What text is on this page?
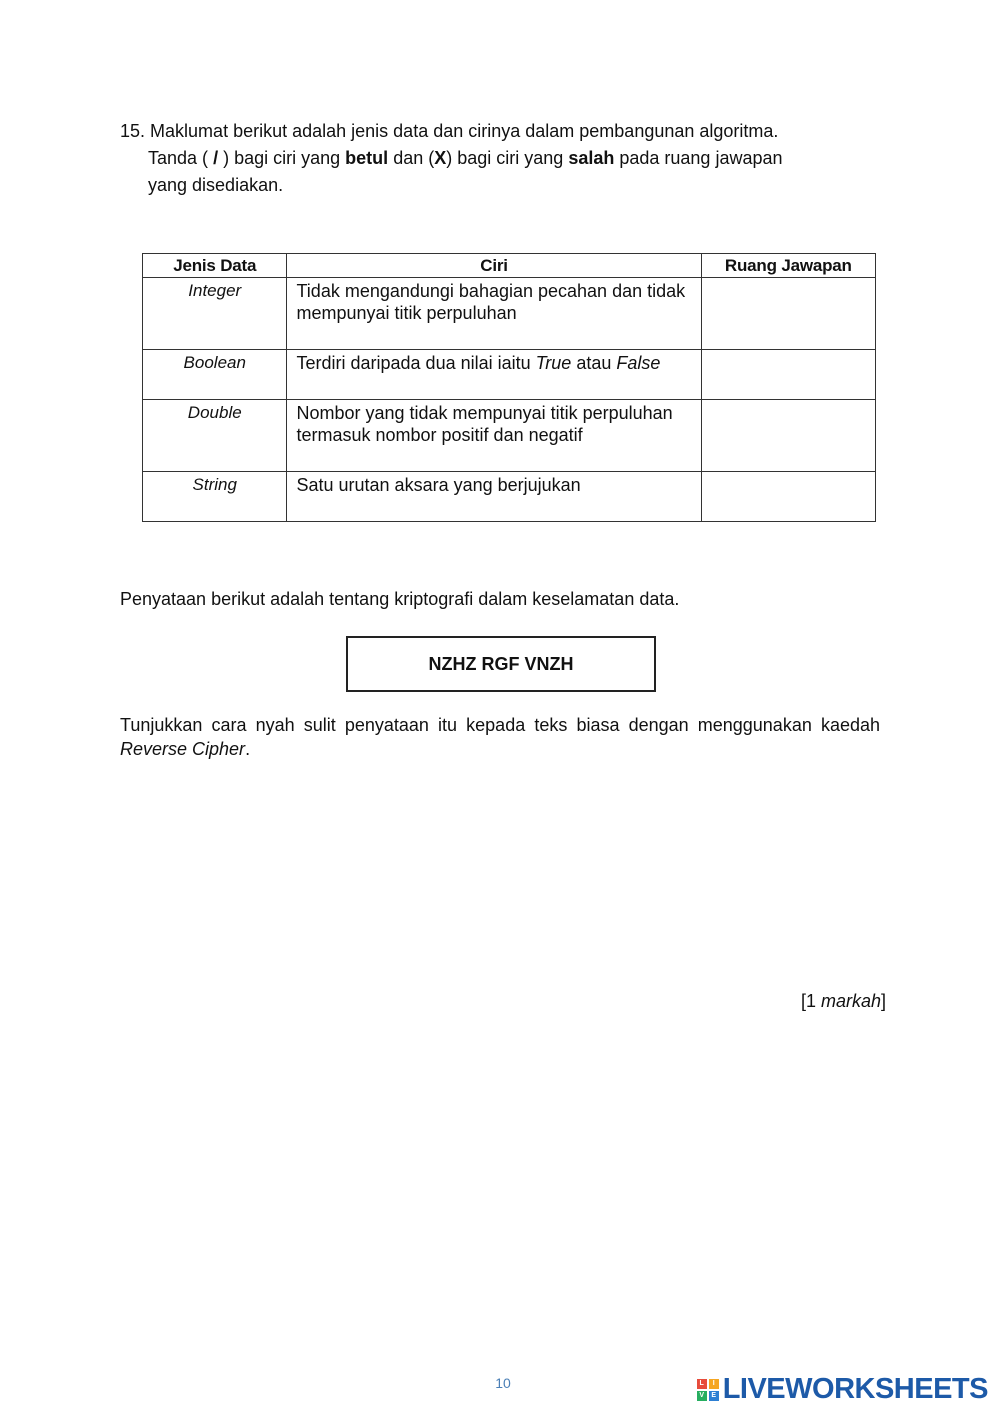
15. Maklumat berikut adalah jenis data dan cirinya dalam pembangunan algoritma.
Tanda ( / ) bagi ciri yang betul dan (X) bagi ciri yang salah pada ruang jawapan
yang disediakan.
Jenis Data	Ciri	Ruang Jawapan
Integer	Tidak mengandungi bahagian pecahan dan tidak mempunyai titik perpuluhan	
Boolean	Terdiri daripada dua nilai iaitu True atau False	
Double	Nombor yang tidak mempunyai titik perpuluhan termasuk nombor positif dan negatif	
String	Satu urutan aksara yang berjujukan	
Penyataan berikut adalah tentang kriptografi dalam keselamatan data.
NZHZ RGF VNZH
Tunjukkan cara nyah sulit penyataan itu kepada teks biasa dengan menggunakan kaedah Reverse Cipher.
[1 markah]
10	L	I
V	E LIVEWORKSHEETS
